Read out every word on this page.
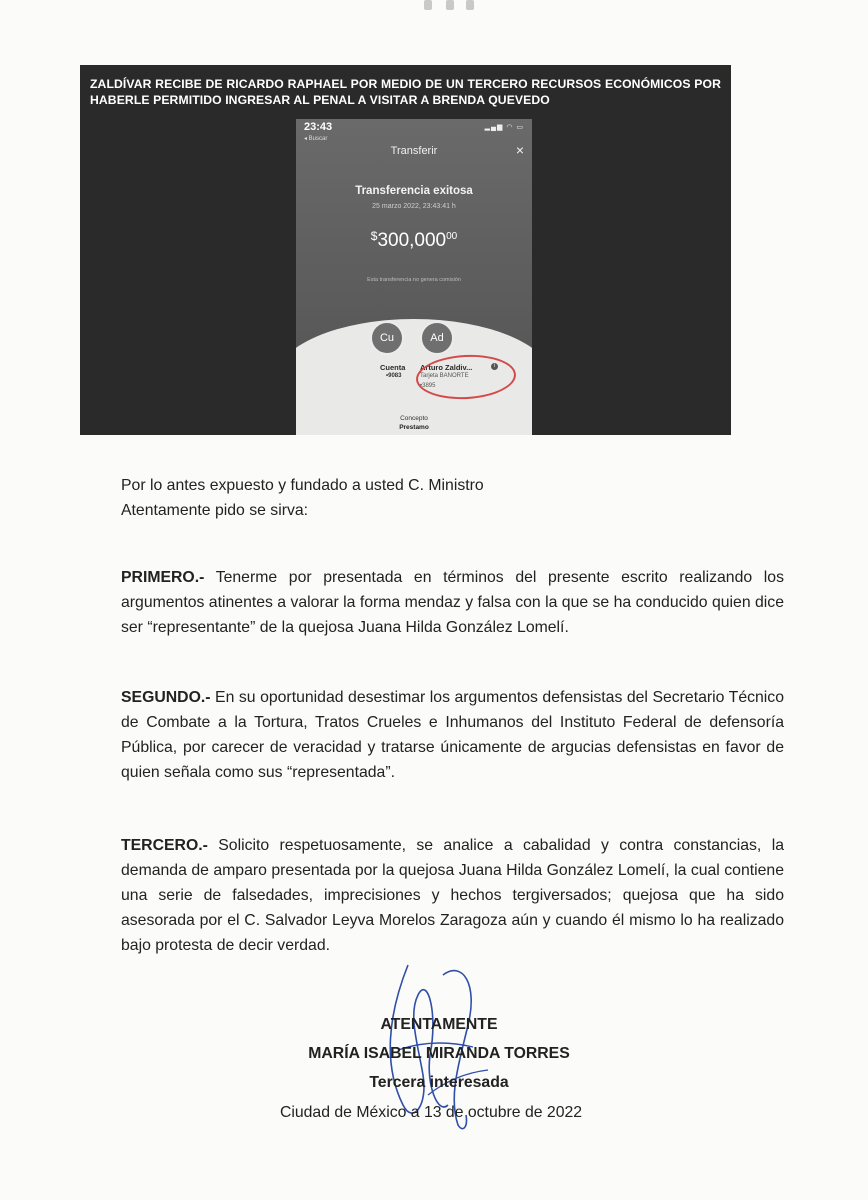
ZALDÍVAR RECIBE DE RICARDO RAPHAEL POR MEDIO DE UN TERCERO RECURSOS ECONÓMICOS POR HABERLE PERMITIDO INGRESAR AL PENAL A VISITAR A BRENDA QUEVEDO
23:43
◂ Buscar
▂▄▆ ◠ ▭
Transferir	×
Transferencia exitosa
25 marzo 2022, 23:43:41 h
$300,000$^{00}$
Esta transferencia no genera comisión
Cu	Ad
Cuenta
•9083
Arturo Zaldiv...	i
Tarjeta BANORTE
•3895
Concepto
Prestamo
Por lo antes expuesto y fundado a usted C. Ministro
Atentamente pido se sirva:
PRIMERO.- Tenerme por presentada en términos del presente escrito realizando los argumentos atinentes a valorar la forma mendaz y falsa con la que se ha conducido quien dice ser “representante” de la quejosa Juana Hilda González Lomelí.
SEGUNDO.- En su oportunidad desestimar los argumentos defensistas del Secretario Técnico de Combate a la Tortura, Tratos Crueles e Inhumanos del Instituto Federal de defensoría Pública, por carecer de veracidad y tratarse únicamente de argucias defensistas en favor de quien señala como sus “representada”.
TERCERO.- Solicito respetuosamente, se analice a cabalidad y contra constancias, la demanda de amparo presentada por la quejosa Juana Hilda González Lomelí, la cual contiene una serie de falsedades, imprecisiones y hechos tergiversados; quejosa que ha sido asesorada por el C. Salvador Leyva Morelos Zaragoza aún y cuando él mismo lo ha realizado bajo protesta de decir verdad.
ATENTAMENTE
MARÍA ISABEL MIRANDA TORRES
Tercera interesada
Ciudad de México a 13 de octubre de 2022
